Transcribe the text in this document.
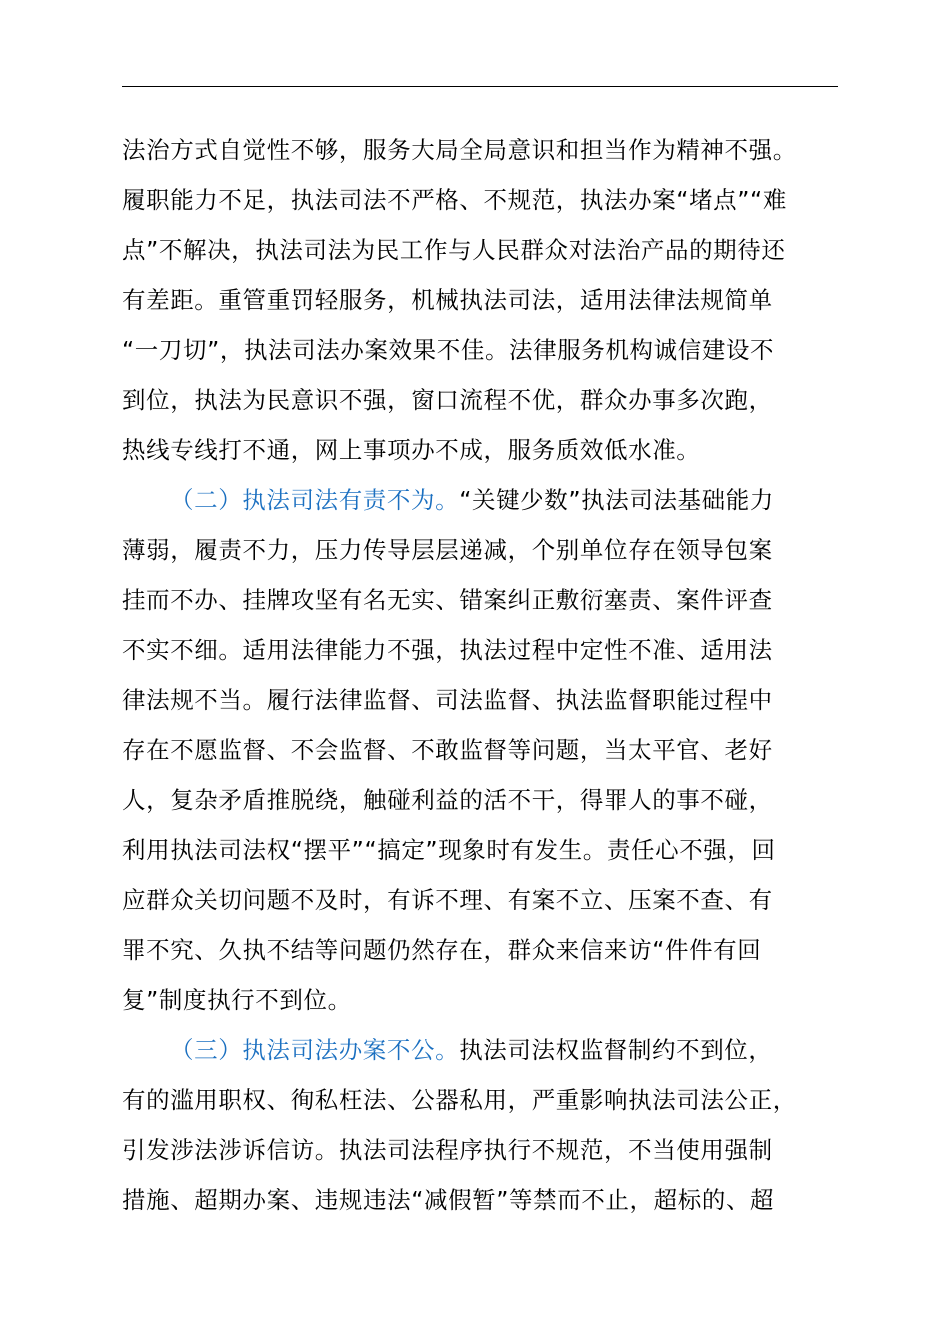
法治方式自觉性不够，服务大局全局意识和担当作为精神不强。
履职能力不足，执法司法不严格、不规范，执法办案“堵点”“难
点”不解决，执法司法为民工作与人民群众对法治产品的期待还
有差距。重管重罚轻服务，机械执法司法，适用法律法规简单
“一刀切”，执法司法办案效果不佳。法律服务机构诚信建设不
到位，执法为民意识不强，窗口流程不优，群众办事多次跑，
热线专线打不通，网上事项办不成，服务质效低水准。
（二）执法司法有责不为。“关键少数”执法司法基础能力
薄弱，履责不力，压力传导层层递减，个别单位存在领导包案
挂而不办、挂牌攻坚有名无实、错案纠正敷衍塞责、案件评查
不实不细。适用法律能力不强，执法过程中定性不准、适用法
律法规不当。履行法律监督、司法监督、执法监督职能过程中
存在不愿监督、不会监督、不敢监督等问题，当太平官、老好
人，复杂矛盾推脱绕，触碰利益的活不干，得罪人的事不碰，
利用执法司法权“摆平”“搞定”现象时有发生。责任心不强，回
应群众关切问题不及时，有诉不理、有案不立、压案不查、有
罪不究、久执不结等问题仍然存在，群众来信来访“件件有回
复”制度执行不到位。
（三）执法司法办案不公。执法司法权监督制约不到位，
有的滥用职权、徇私枉法、公器私用，严重影响执法司法公正，
引发涉法涉诉信访。执法司法程序执行不规范，不当使用强制
措施、超期办案、违规违法“减假暂”等禁而不止，超标的、超
